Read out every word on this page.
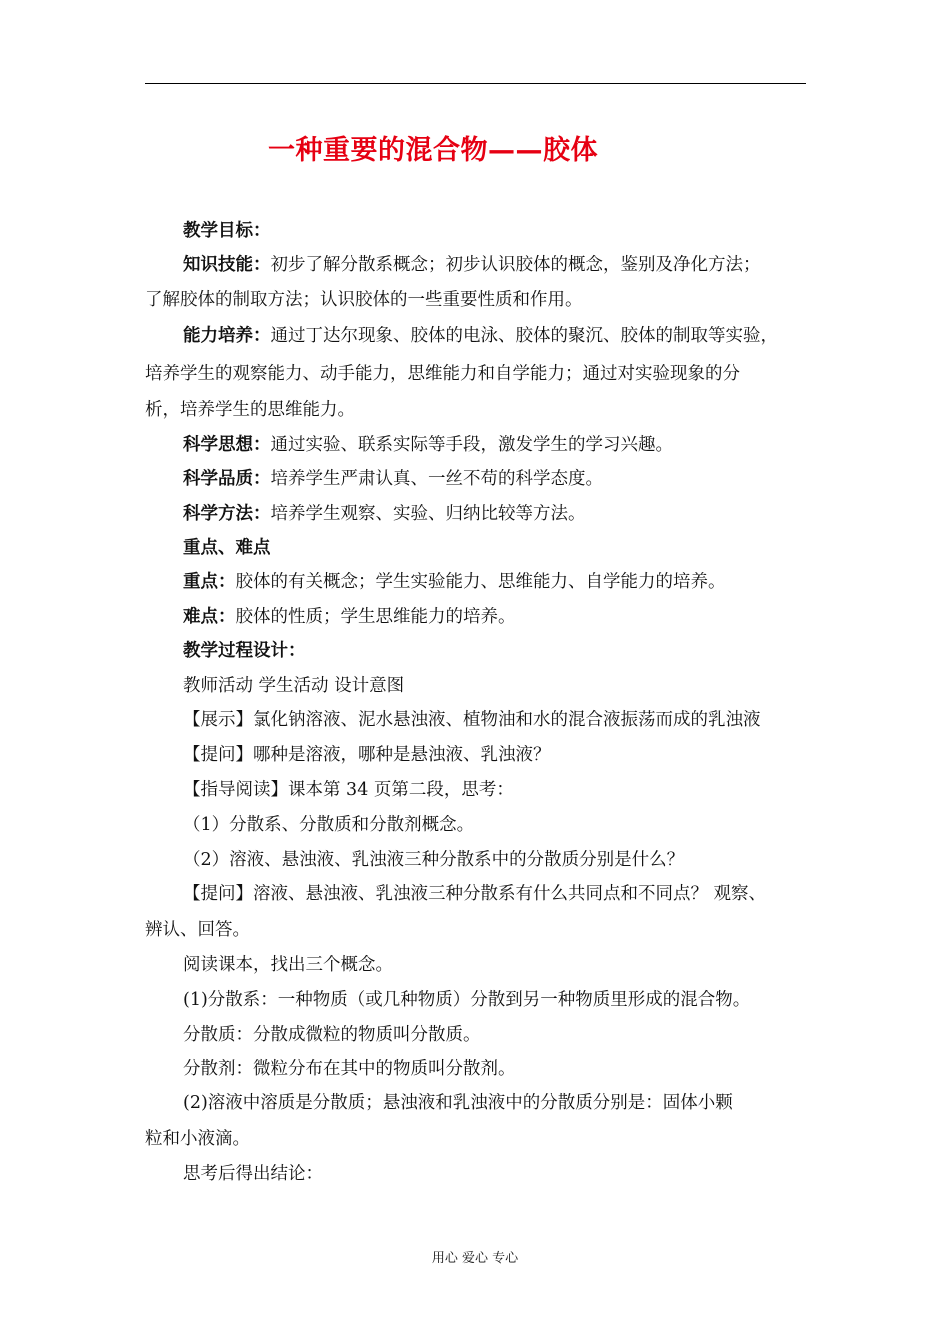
一种重要的混合物——胶体
教学目标：
知识技能：初步了解分散系概念；初步认识胶体的概念，鉴别及净化方法；
了解胶体的制取方法；认识胶体的一些重要性质和作用。
能力培养：通过丁达尔现象、胶体的电泳、胶体的聚沉、胶体的制取等实验，
培养学生的观察能力、动手能力，思维能力和自学能力；通过对实验现象的分
析，培养学生的思维能力。
科学思想：通过实验、联系实际等手段，激发学生的学习兴趣。
科学品质：培养学生严肃认真、一丝不苟的科学态度。
科学方法：培养学生观察、实验、归纳比较等方法。
重点、难点
重点：胶体的有关概念；学生实验能力、思维能力、自学能力的培养。
难点：胶体的性质；学生思维能力的培养。
教学过程设计：
教师活动 学生活动 设计意图
【展示】氯化钠溶液、泥水悬浊液、植物油和水的混合液振荡而成的乳浊液
【提问】哪种是溶液，哪种是悬浊液、乳浊液？
【指导阅读】课本第 34 页第二段，思考：
（1）分散系、分散质和分散剂概念。
（2）溶液、悬浊液、乳浊液三种分散系中的分散质分别是什么？
【提问】溶液、悬浊液、乳浊液三种分散系有什么共同点和不同点？ 观察、
辨认、回答。
阅读课本，找出三个概念。
(1)分散系：一种物质（或几种物质）分散到另一种物质里形成的混合物。
分散质：分散成微粒的物质叫分散质。
分散剂：微粒分布在其中的物质叫分散剂。
(2)溶液中溶质是分散质；悬浊液和乳浊液中的分散质分别是：固体小颗
粒和小液滴。
思考后得出结论：
用心 爱心 专心
